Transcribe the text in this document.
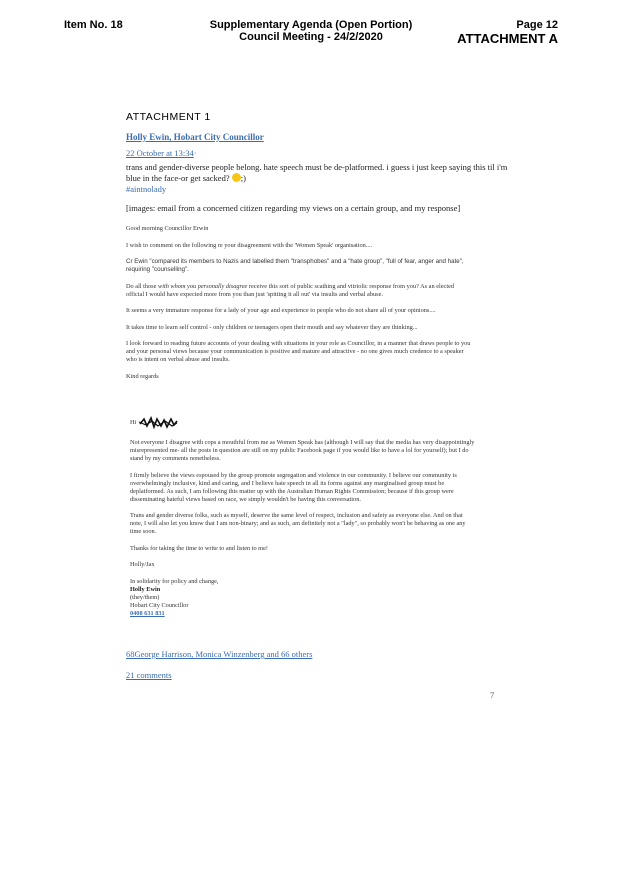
Item No. 18	Supplementary Agenda (Open Portion)
Council Meeting - 24/2/2020
Page 12
ATTACHMENT A
ATTACHMENT 1
Holly Ewin, Hobart City Councillor
22 October at 13:34·
trans and gender-diverse people belong. hate speech must be de-platformed. i guess i just keep saying this til i'm blue in the face-or get sacked? ;)
#aintnolady
[images: email from a concerned citizen regarding my views on a certain group, and my response]

Good morning Councillor Erwin

I wish to comment on the following re your disagreement with the 'Women Speak' organisation....

Cr Ewin "compared its members to Nazis and labelled them "transphobes" and a "hate group", "full of fear, anger and hate", requiring "counselling".

Do all those with whom you personally disagree receive this sort of public scathing and vitriolic response from you? As an elected official I would have expected more from you than just 'spitting it all out' via insults and verbal abuse.

It seems a very immature response for a lady of your age and experience to people who do not share all of your opinions....

It takes time to learn self control - only children or teenagers open their mouth and say whatever they are thinking...

I look forward to reading future accounts of your dealing with situations in your role as Councillor, in a manner that draws people to you and your personal views because your communication is positive and mature and attractive - no one gives much credence to a speaker who is intent on verbal abuse and insults.

Kind regards

Hi

Not everyone I disagree with cops a mouthful from me as Women Speak has (although I will say that the media has very disappointingly misrepresented me- all the posts in question are still on my public Facebook page if you would like to have a lol for yourself); but I do stand by my comments nonetheless.

I firmly believe the views espoused by the group promote segregation and violence in our community. I believe our community is overwhelmingly inclusive, kind and caring, and I believe hate speech in all its forms against any marginalised group must be deplatformed. As such, I am following this matter up with the Australian Human Rights Commission; because if this group were disseminating hateful views based on race, we simply wouldn't be having this conversation.

Trans and gender diverse folks, such as myself, deserve the same level of respect, inclusion and safety as everyone else. And on that note, I will also let you know that I am non-binary; and as such, am definitely not a "lady", so probably won't be behaving as one any time soon.

Thanks for taking the time to write to and listen to me!

Holly/Jax

In solidarity for policy and change,
Holly Ewin
(they/them)
Hobart City Councillor
0408 631 831
68George Harrison, Monica Winzenberg and 66 others
21 comments
7
